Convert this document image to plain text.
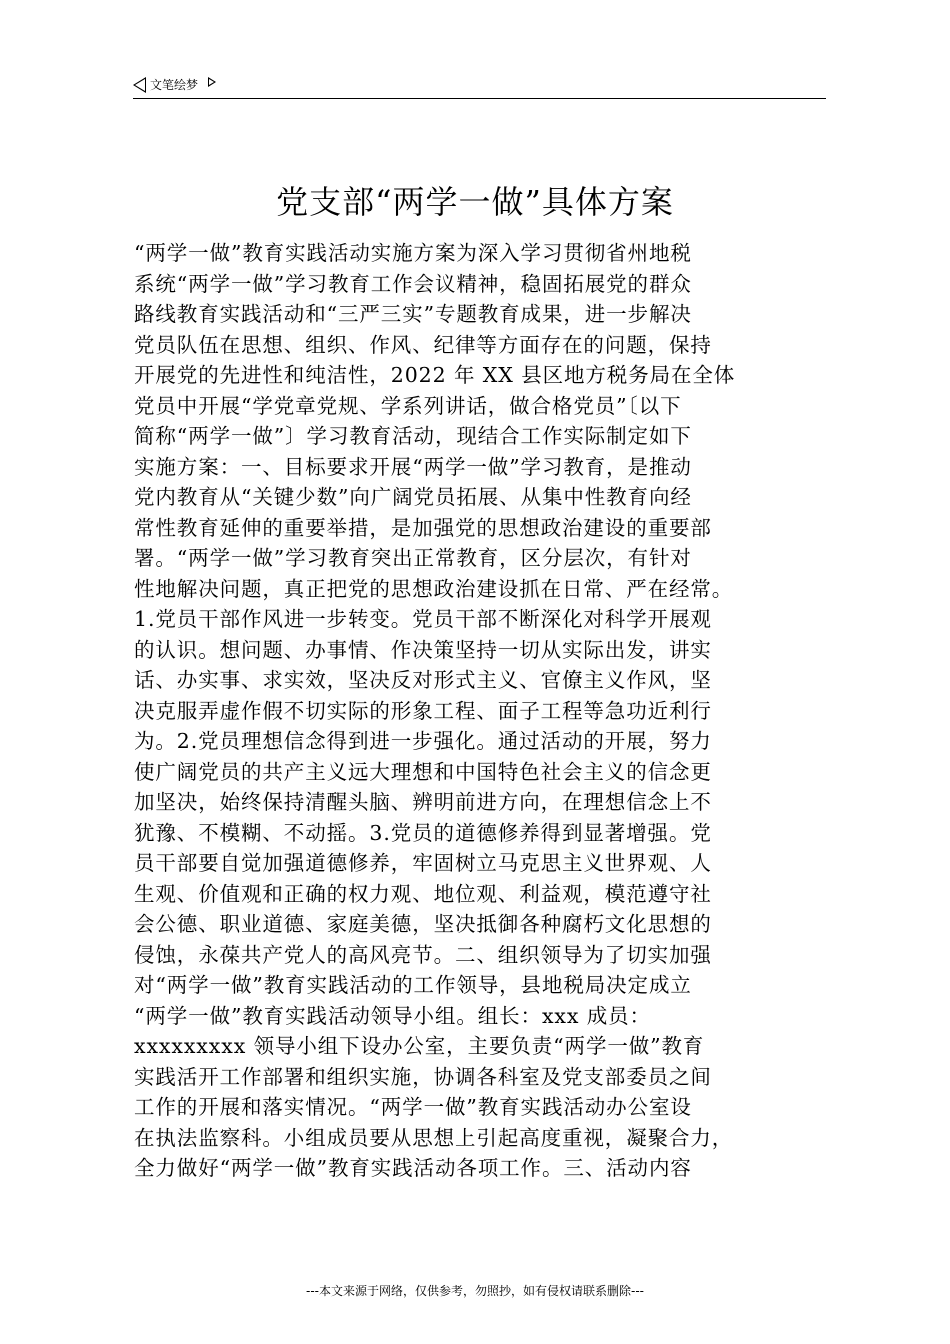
文笔绘梦
党支部“两学一做”具体方案
“两学一做”教育实践活动实施方案为深入学习贯彻省州地税
系统“两学一做”学习教育工作会议精神，稳固拓展党的群众
路线教育实践活动和“三严三实”专题教育成果，进一步解决
党员队伍在思想、组织、作风、纪律等方面存在的问题，保持
开展党的先进性和纯洁性，2022 年 XX 县区地方税务局在全体
党员中开展“学党章党规、学系列讲话，做合格党员”〔以下
简称“两学一做”〕学习教育活动，现结合工作实际制定如下
实施方案：一、目标要求开展“两学一做”学习教育，是推动
党内教育从“关键少数”向广阔党员拓展、从集中性教育向经
常性教育延伸的重要举措，是加强党的思想政治建设的重要部
署。“两学一做”学习教育突出正常教育，区分层次，有针对
性地解决问题，真正把党的思想政治建设抓在日常、严在经常。
1.党员干部作风进一步转变。党员干部不断深化对科学开展观
的认识。想问题、办事情、作决策坚持一切从实际出发，讲实
话、办实事、求实效，坚决反对形式主义、官僚主义作风，坚
决克服弄虚作假不切实际的形象工程、面子工程等急功近利行
为。2.党员理想信念得到进一步强化。通过活动的开展，努力
使广阔党员的共产主义远大理想和中国特色社会主义的信念更
加坚决，始终保持清醒头脑、辨明前进方向，在理想信念上不
犹豫、不模糊、不动摇。3.党员的道德修养得到显著增强。党
员干部要自觉加强道德修养，牢固树立马克思主义世界观、人
生观、价值观和正确的权力观、地位观、利益观，模范遵守社
会公德、职业道德、家庭美德，坚决抵御各种腐朽文化思想的
侵蚀，永葆共产党人的高风亮节。二、组织领导为了切实加强
对“两学一做”教育实践活动的工作领导，县地税局决定成立
“两学一做”教育实践活动领导小组。组长：xxx 成员：
xxxxxxxxx 领导小组下设办公室，主要负责“两学一做”教育
实践活开工作部署和组织实施，协调各科室及党支部委员之间
工作的开展和落实情况。“两学一做”教育实践活动办公室设
在执法监察科。小组成员要从思想上引起高度重视，凝聚合力，
全力做好“两学一做”教育实践活动各项工作。三、活动内容
---本文来源于网络，仅供参考，勿照抄，如有侵权请联系删除---
